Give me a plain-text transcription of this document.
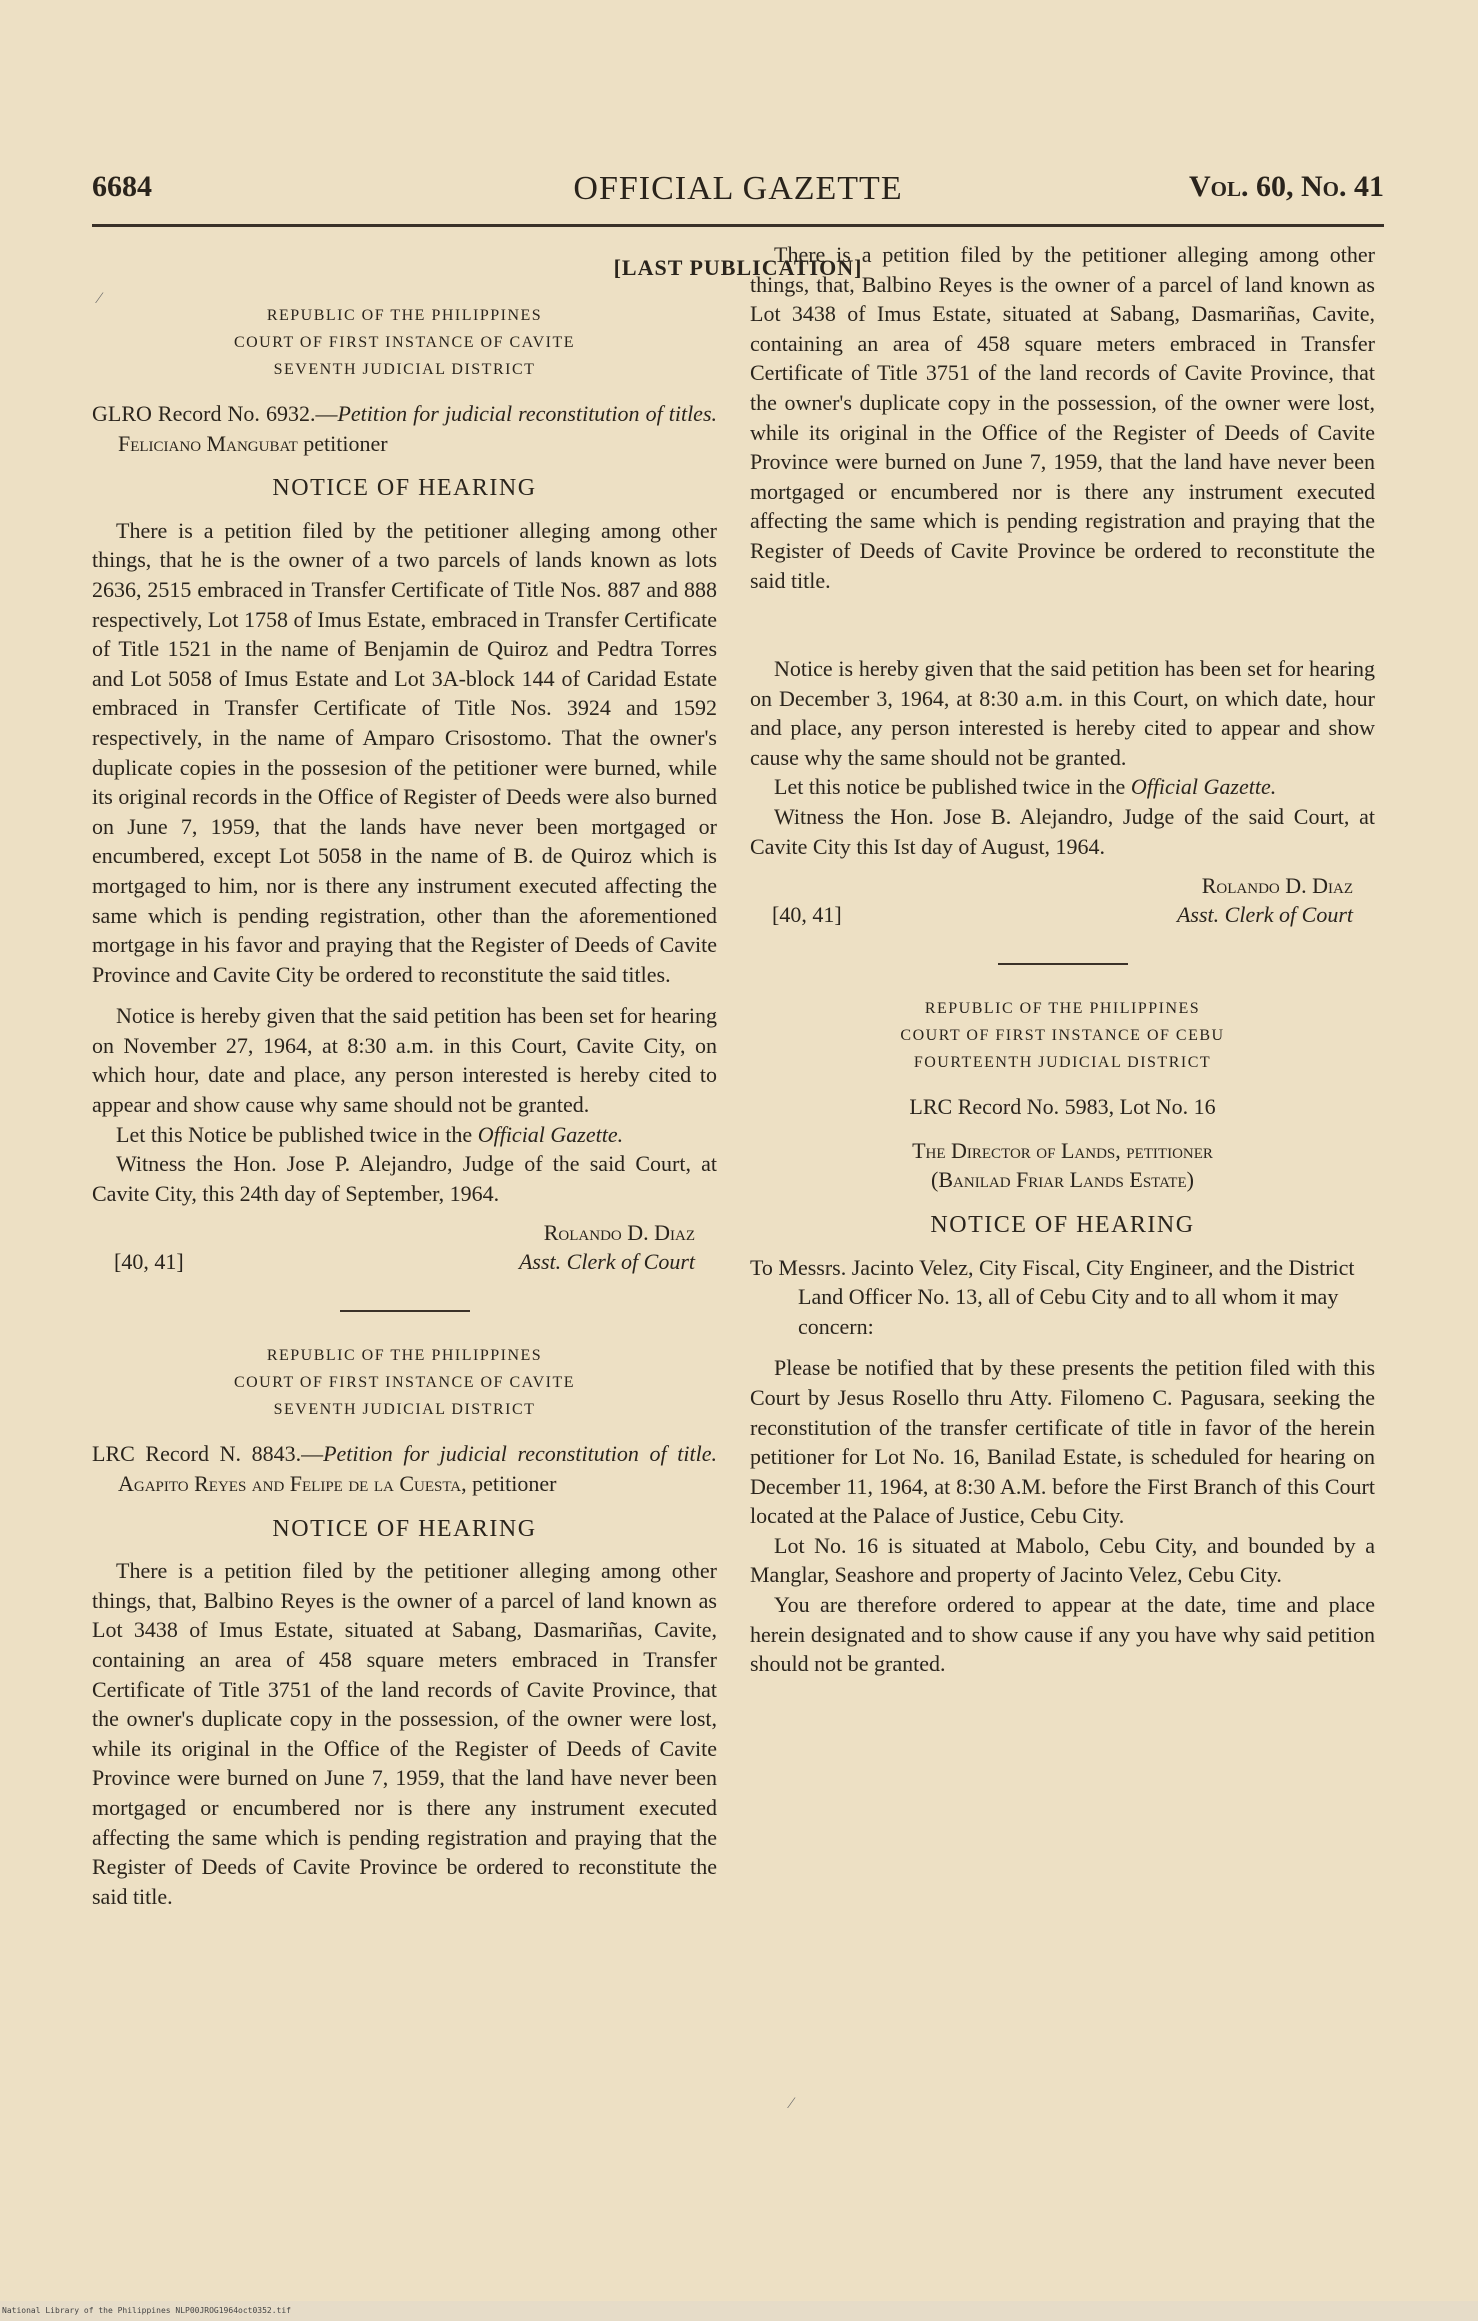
6684	OFFICIAL GAZETTE	Vol. 60, No. 41
[LAST PUBLICATION]
REPUBLIC OF THE PHILIPPINES
COURT OF FIRST INSTANCE OF CAVITE
SEVENTH JUDICIAL DISTRICT

GLRO Record No. 6932.—Petition for judicial reconstitution of titles. Feliciano Mangubat petitioner

NOTICE OF HEARING

There is a petition filed by the petitioner alleging among other things, that he is the owner of a two parcels of lands known as lots 2636, 2515 embraced in Transfer Certificate of Title Nos. 887 and 888 respectively, Lot 1758 of Imus Estate, embraced in Transfer Certificate of Title 1521 in the name of Benjamin de Quiroz and Pedtra Torres and Lot 5058 of Imus Estate and Lot 3A-block 144 of Caridad Estate embraced in Transfer Certificate of Title Nos. 3924 and 1592 respectively, in the name of Amparo Crisostomo. That the owner's duplicate copies in the possesion of the petitioner were burned, while its original records in the Office of Register of Deeds were also burned on June 7, 1959, that the lands have never been mortgaged or encumbered, except Lot 5058 in the name of B. de Quiroz which is mortgaged to him, nor is there any instrument executed affecting the same which is pending registration, other than the aforementioned mortgage in his favor and praying that the Register of Deeds of Cavite Province and Cavite City be ordered to reconstitute the said titles.

Notice is hereby given that the said petition has been set for hearing on November 27, 1964, at 8:30 a.m. in this Court, Cavite City, on which hour, date and place, any person interested is hereby cited to appear and show cause why same should not be granted.

Let this Notice be published twice in the Official Gazette.

Witness the Hon. Jose P. Alejandro, Judge of the said Court, at Cavite City, this 24th day of September, 1964.

Rolando D. Diaz
[40, 41]	Asst. Clerk of Court
REPUBLIC OF THE PHILIPPINES
COURT OF FIRST INSTANCE OF CAVITE
SEVENTH JUDICIAL DISTRICT

LRC Record N. 8843.—Petition for judicial reconstitution of title. Agapito Reyes and Felipe de la Cuesta, petitioner

NOTICE OF HEARING

There is a petition filed by the petitioner alleging among other things, that, Balbino Reyes is the owner of a parcel of land known as Lot 3438 of Imus Estate, situated at Sabang, Dasmariñas, Cavite, containing an area of 458 square meters embraced in Transfer Certificate of Title 3751 of the land records of Cavite Province, that the owner's duplicate copy in the possession, of the owner were lost, while its original in the Office of the Register of Deeds of Cavite Province were burned on June 7, 1959, that the land have never been mortgaged or encumbered nor is there any instrument executed affecting the same which is pending registration and praying that the Register of Deeds of Cavite Province be ordered to reconstitute the said title.

There is a petition filed by the petitioner alleging among other things, that, Balbino Reyes is the owner of a parcel of land known as Lot 3438 of Imus Estate, situated at Sabang, Dasmariñas, Cavite, containing an area of 458 square meters embraced in Transfer Certificate of Title 3751 of the land records of Cavite Province, that the owner's duplicate copy in the possession, of the owner were lost, while its original in the Office of the Register of Deeds of Cavite Province were burned on June 7, 1959, that the land have never been mortgaged or encumbered nor is there any instrument executed affecting the same which is pending registration and praying that the Register of Deeds of Cavite Province be ordered to reconstitute the said title.

Notice is hereby given that the said petition has been set for hearing on December 3, 1964, at 8:30 a.m. in this Court, on which date, hour and place, any person interested is hereby cited to appear and show cause why the same should not be granted.

Let this notice be published twice in the Official Gazette.

Witness the Hon. Jose B. Alejandro, Judge of the said Court, at Cavite City this Ist day of August, 1964.

Rolando D. Diaz
[40, 41]	Asst. Clerk of Court
REPUBLIC OF THE PHILIPPINES
COURT OF FIRST INSTANCE OF CEBU
FOURTEENTH JUDICIAL DISTRICT

LRC Record No. 5983, Lot No. 16

The Director of Lands, petitioner

(Banilad Friar Lands Estate)

NOTICE OF HEARING

To Messrs. Jacinto Velez, City Fiscal, City Engineer, and the District Land Officer No. 13, all of Cebu City and to all whom it may concern:

Please be notified that by these presents the petition filed with this Court by Jesus Rosello thru Atty. Filomeno C. Pagusara, seeking the reconstitution of the transfer certificate of title in favor of the herein petitioner for Lot No. 16, Banilad Estate, is scheduled for hearing on December 11, 1964, at 8:30 A.M. before the First Branch of this Court located at the Palace of Justice, Cebu City.

Lot No. 16 is situated at Mabolo, Cebu City, and bounded by a Manglar, Seashore and property of Jacinto Velez, Cebu City.

You are therefore ordered to appear at the date, time and place herein designated and to show cause if any you have why said petition should not be granted.

⁄
⁄
National Library of the Philippines NLP00JROG1964oct0352.tif
